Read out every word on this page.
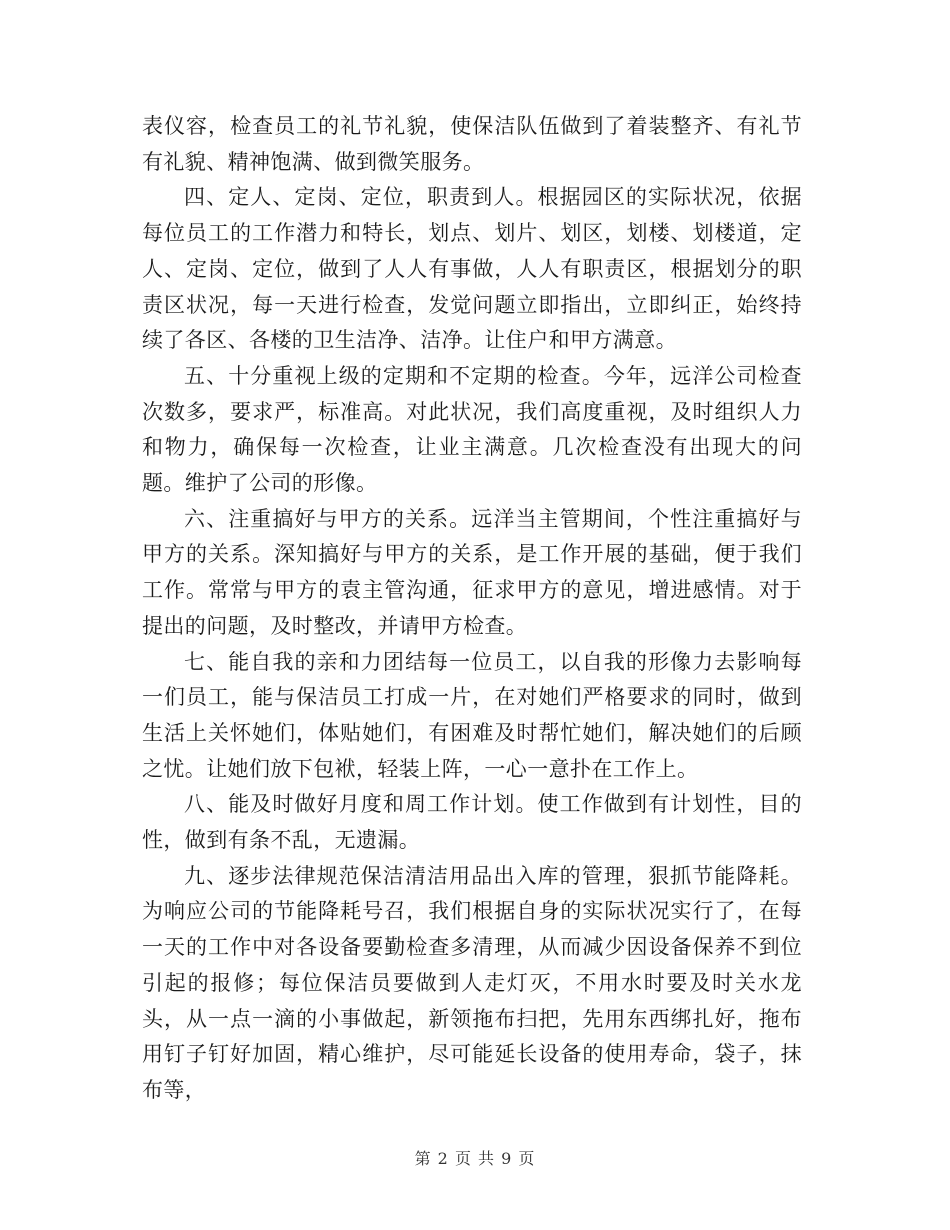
表仪容，检查员工的礼节礼貌，使保洁队伍做到了着装整齐、有礼节有礼貌、精神饱满、做到微笑服务。

四、定人、定岗、定位，职责到人。根据园区的实际状况，依据每位员工的工作潜力和特长，划点、划片、划区，划楼、划楼道，定人、定岗、定位，做到了人人有事做，人人有职责区，根据划分的职责区状况，每一天进行检查，发觉问题立即指出，立即纠正，始终持续了各区、各楼的卫生洁净、洁净。让住户和甲方满意。

五、十分重视上级的定期和不定期的检查。今年，远洋公司检查次数多，要求严，标准高。对此状况，我们高度重视，及时组织人力和物力，确保每一次检查，让业主满意。几次检查没有出现大的问题。维护了公司的形像。

六、注重搞好与甲方的关系。远洋当主管期间，个性注重搞好与甲方的关系。深知搞好与甲方的关系，是工作开展的基础，便于我们工作。常常与甲方的袁主管沟通，征求甲方的意见，增进感情。对于提出的问题，及时整改，并请甲方检查。

七、能自我的亲和力团结每一位员工，以自我的形像力去影响每一们员工，能与保洁员工打成一片，在对她们严格要求的同时，做到生活上关怀她们，体贴她们，有困难及时帮忙她们，解决她们的后顾之忧。让她们放下包袱，轻装上阵，一心一意扑在工作上。

八、能及时做好月度和周工作计划。使工作做到有计划性，目的性，做到有条不乱，无遗漏。

九、逐步法律规范保洁清洁用品出入库的管理，狠抓节能降耗。为响应公司的节能降耗号召，我们根据自身的实际状况实行了，在每一天的工作中对各设备要勤检查多清理，从而减少因设备保养不到位引起的报修；每位保洁员要做到人走灯灭，不用水时要及时关水龙头，从一点一滴的小事做起，新领拖布扫把，先用东西绑扎好，拖布用钉子钉好加固，精心维护，尽可能延长设备的使用寿命，袋子，抹布等，

第 2 页 共 9 页
